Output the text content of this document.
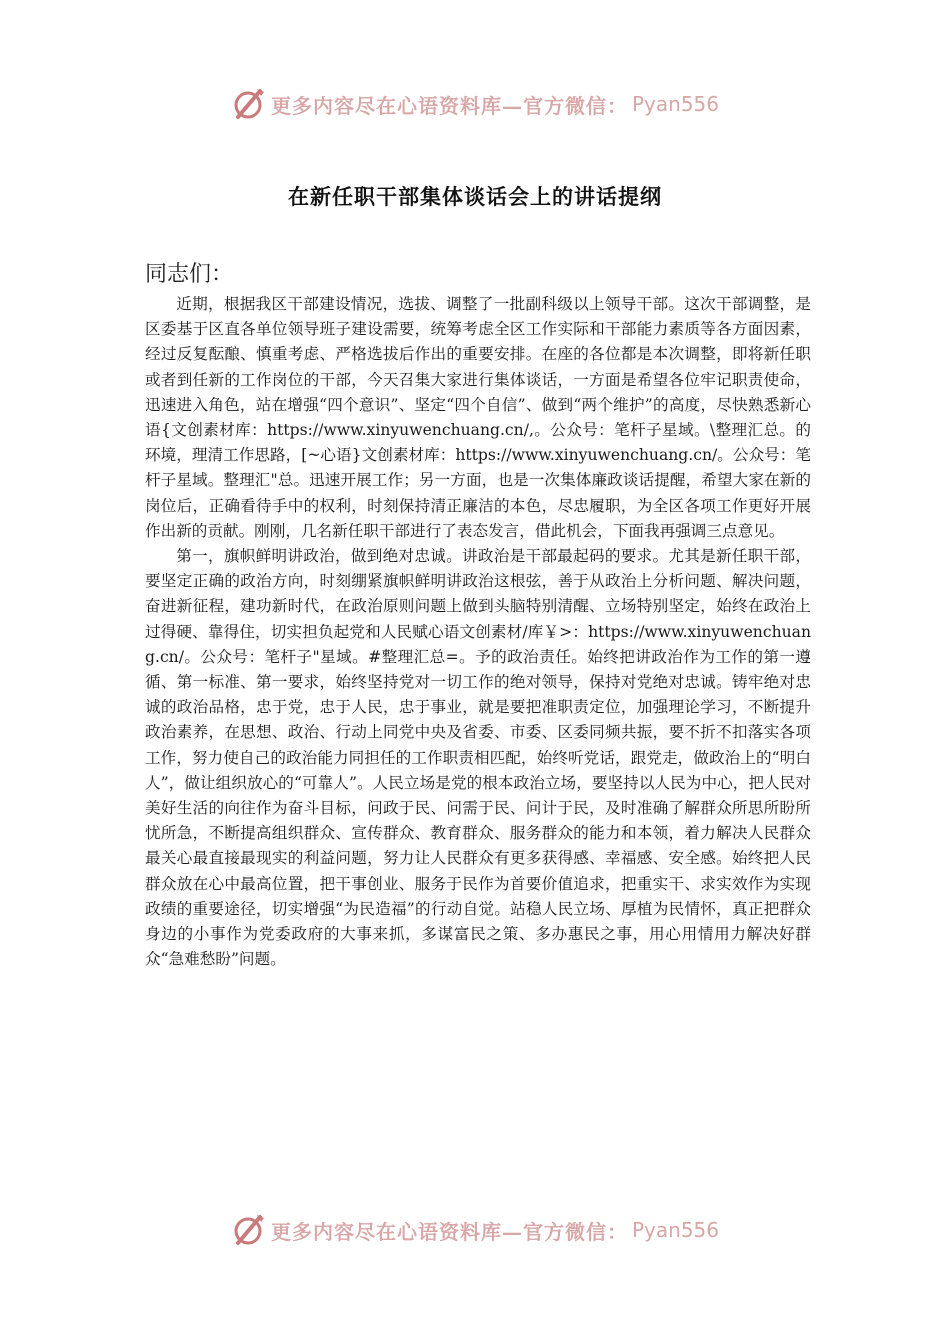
更多内容尽在心语资料库—官方微信： Pyan556
在新任职干部集体谈话会上的讲话提纲
同志们：

近期，根据我区干部建设情况，选拔、调整了一批副科级以上领导干部。这次干部调整，是区委基于区直各单位领导班子建设需要，统筹考虑全区工作实际和干部能力素质等各方面因素，经过反复酝酿、慎重考虑、严格选拔后作出的重要安排。在座的各位都是本次调整，即将新任职或者到任新的工作岗位的干部，今天召集大家进行集体谈话，一方面是希望各位牢记职责使命，迅速进入角色，站在增强“四个意识”、坚定“四个自信”、做到“两个维护”的高度，尽快熟悉新心语{文创素材库：https://www.xinyuwenchuang.cn/,。公众号：笔杆子星域。\整理汇总。的环境，理清工作思路，[~心语}文创素材库：https://www.xinyuwenchuang.cn/。公众号：笔杆子星域。整理汇"总。迅速开展工作；另一方面，也是一次集体廉政谈话提醒，希望大家在新的岗位后，正确看待手中的权利，时刻保持清正廉洁的本色，尽忠履职，为全区各项工作更好开展作出新的贡献。刚刚，几名新任职干部进行了表态发言，借此机会，下面我再强调三点意见。

第一，旗帜鲜明讲政治，做到绝对忠诚。讲政治是干部最起码的要求。尤其是新任职干部，要坚定正确的政治方向，时刻绷紧旗帜鲜明讲政治这根弦，善于从政治上分析问题、解决问题，奋进新征程，建功新时代，在政治原则问题上做到头脑特别清醒、立场特别坚定，始终在政治上过得硬、靠得住，切实担负起党和人民赋心语文创素材/库￥>：https://www.xinyuwenchuang.cn/。公众号：笔杆子"星域。#整理汇总=。予的政治责任。始终把讲政治作为工作的第一遵循、第一标准、第一要求，始终坚持党对一切工作的绝对领导，保持对党绝对忠诚。铸牢绝对忠诚的政治品格，忠于党，忠于人民，忠于事业，就是要把准职责定位，加强理论学习，不断提升政治素养，在思想、政治、行动上同党中央及省委、市委、区委同频共振，要不折不扣落实各项工作，努力使自己的政治能力同担任的工作职责相匹配，始终听党话，跟党走，做政治上的“明白人”，做让组织放心的“可靠人”。人民立场是党的根本政治立场，要坚持以人民为中心，把人民对美好生活的向往作为奋斗目标，问政于民、问需于民、问计于民，及时准确了解群众所思所盼所忧所急，不断提高组织群众、宣传群众、教育群众、服务群众的能力和本领，着力解决人民群众最关心最直接最现实的利益问题，努力让人民群众有更多获得感、幸福感、安全感。始终把人民群众放在心中最高位置，把干事创业、服务于民作为首要价值追求，把重实干、求实效作为实现政绩的重要途径，切实增强“为民造福”的行动自觉。站稳人民立场、厚植为民情怀，真正把群众身边的小事作为党委政府的大事来抓，多谋富民之策、多办惠民之事，用心用情用力解决好群众“急难愁盼”问题。

更多内容尽在心语资料库—官方微信： Pyan556
